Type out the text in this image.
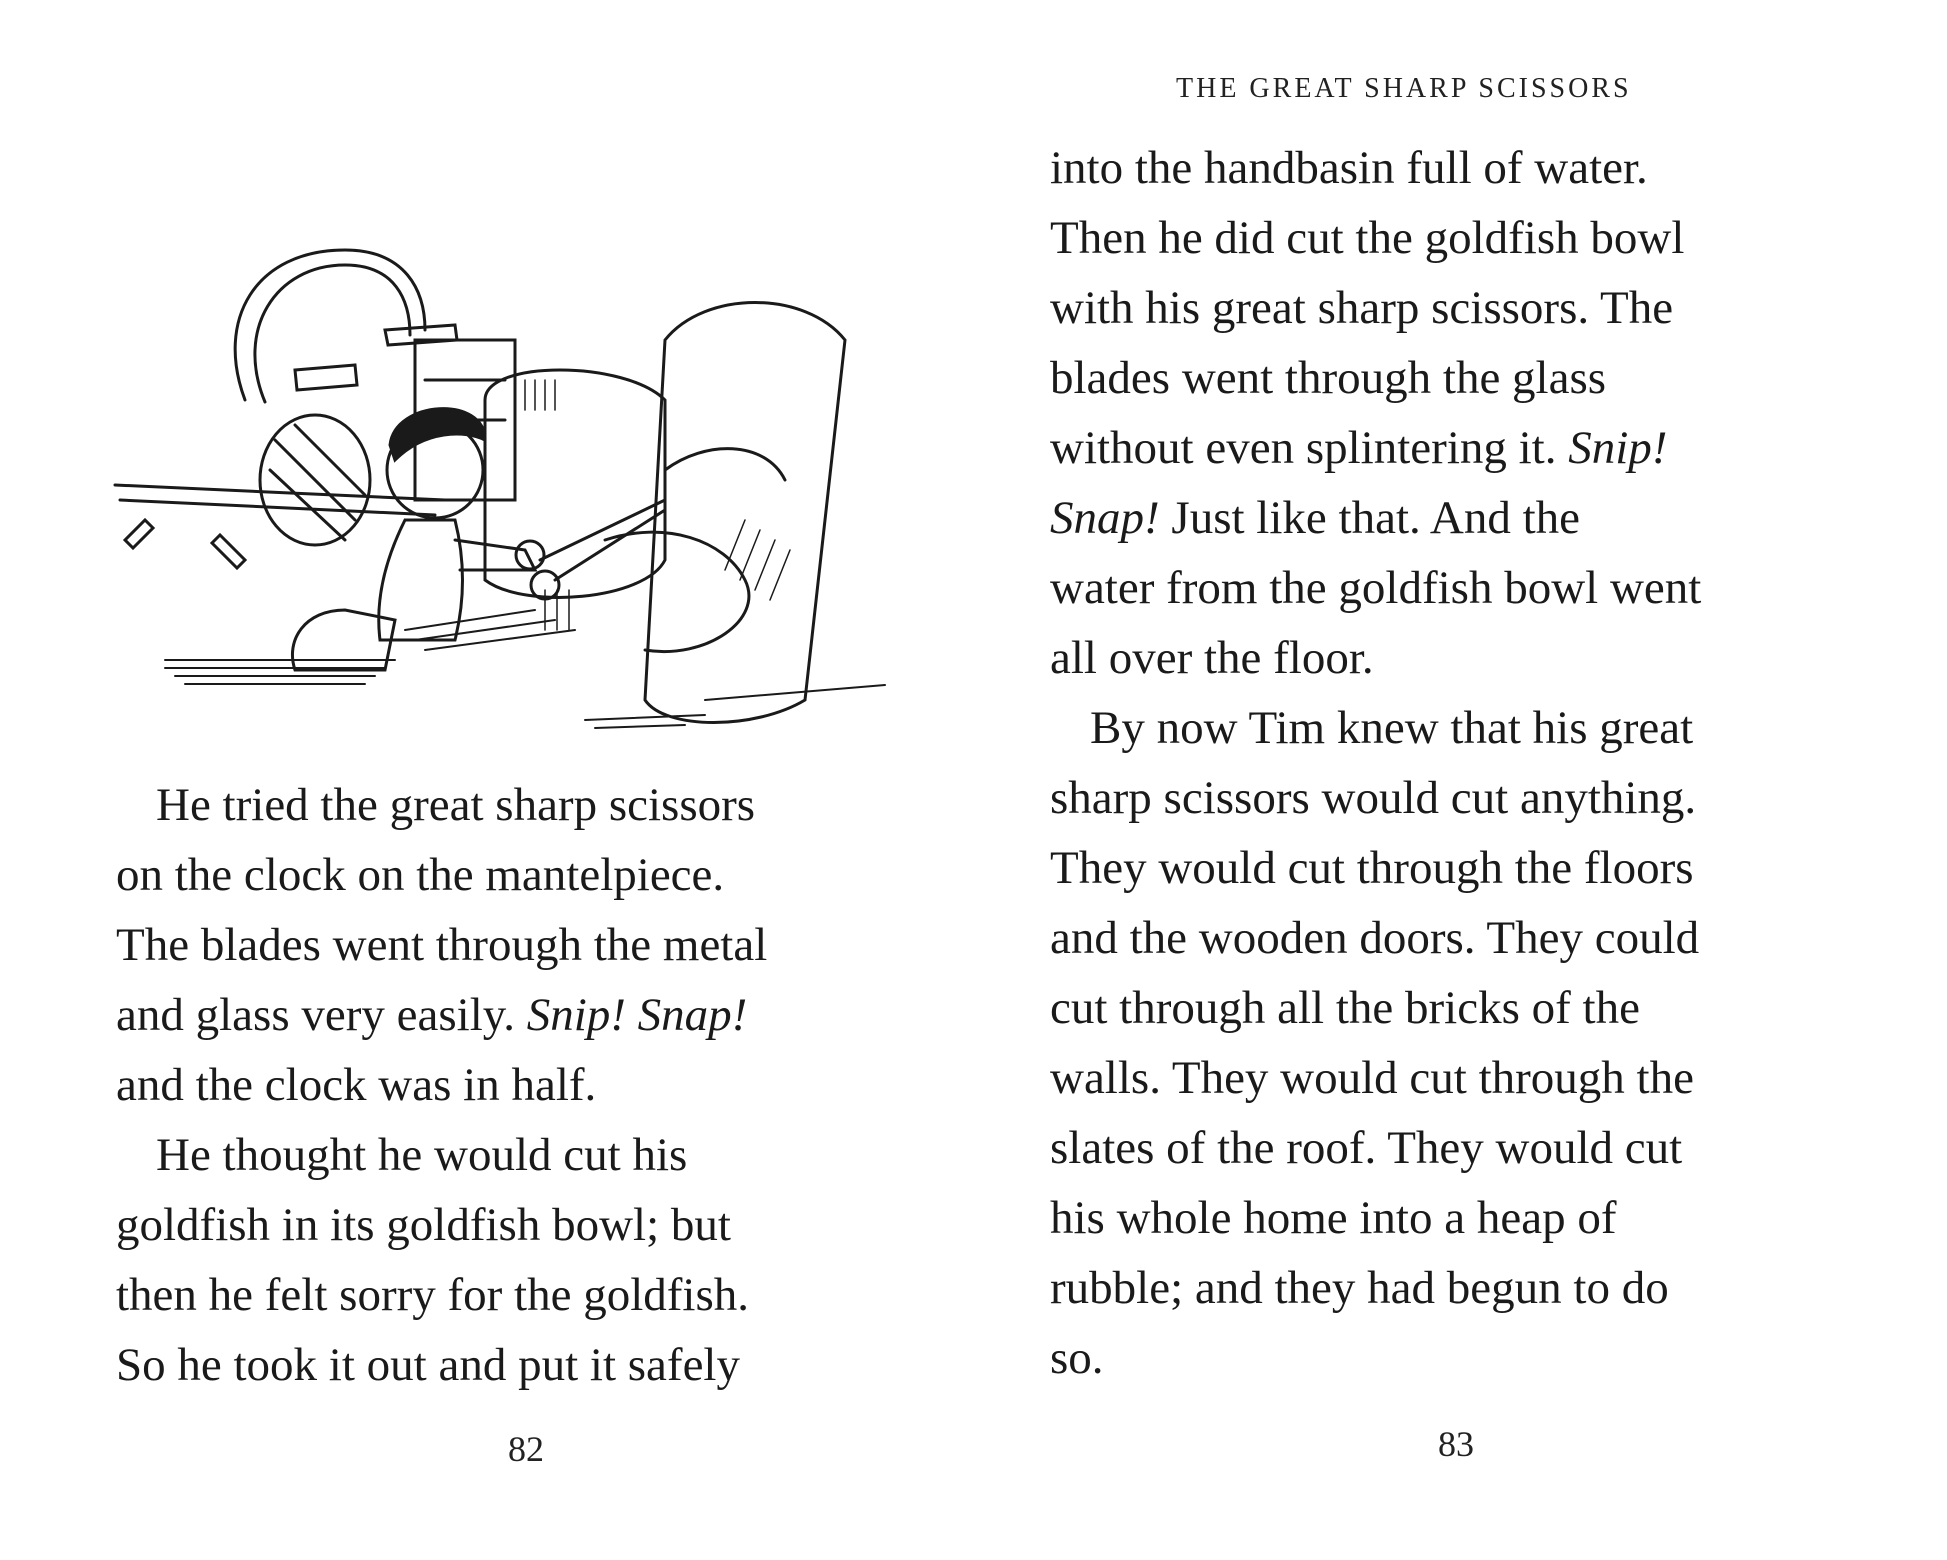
He tried the great sharp scissors
on the clock on the mantelpiece.
The blades went through the metal
and glass very easily. Snip! Snap!
and the clock was in half.
He thought he would cut his
goldfish in its goldfish bowl; but
then he felt sorry for the goldfish.
So he took it out and put it safely
82
THE GREAT SHARP SCISSORS
into the handbasin full of water.
Then he did cut the goldfish bowl
with his great sharp scissors. The
blades went through the glass
without even splintering it. Snip!
Snap! Just like that. And the
water from the goldfish bowl went
all over the floor.
By now Tim knew that his great
sharp scissors would cut anything.
They would cut through the floors
and the wooden doors. They could
cut through all the bricks of the
walls. They would cut through the
slates of the roof. They would cut
his whole home into a heap of
rubble; and they had begun to do
so.
83
